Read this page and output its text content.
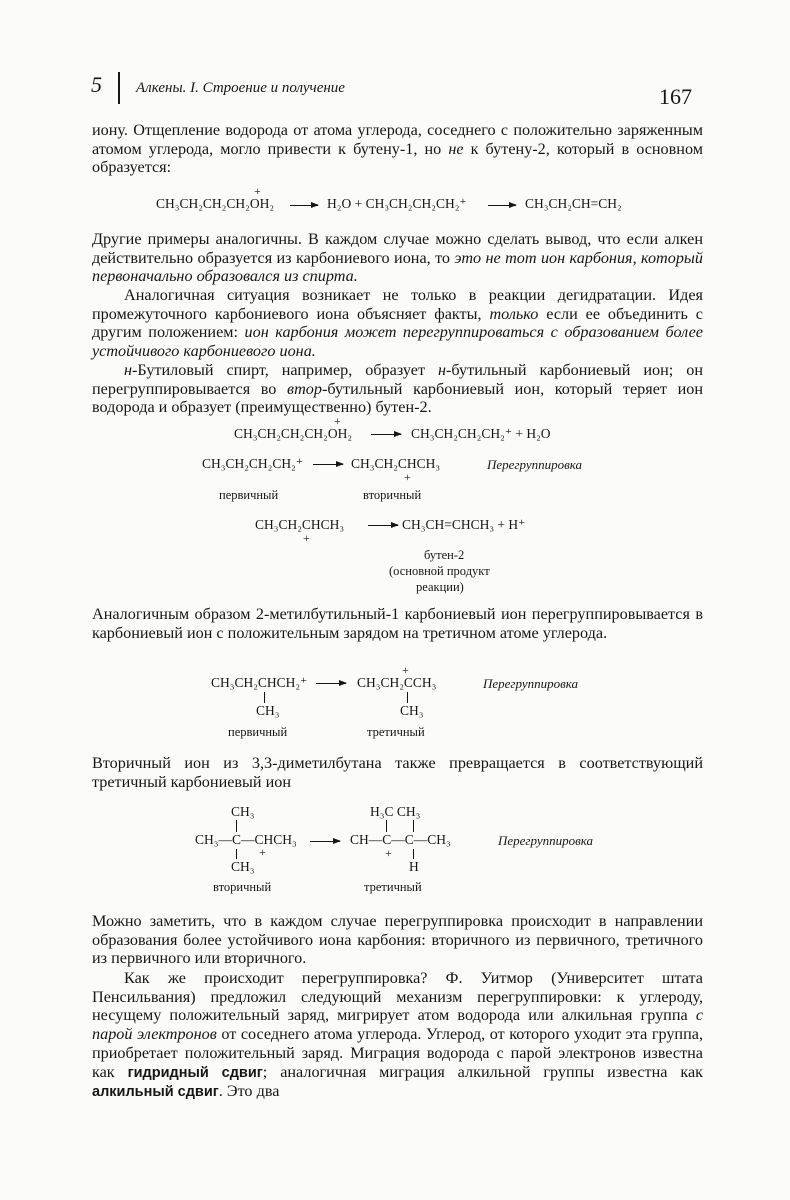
5 Алкены. I. Строение и получение	167

иону. Отщепление водорода от атома углерода, соседнего с положительно заряженным атомом углерода, могло привести к бутену-1, но не к бутену-2, который в основном образуется:

+
CH₃CH₂CH₂CH₂OH₂ → H₂O + CH₃CH₂CH₂CH₂⁺ → CH₃CH₂CH=CH₂

Другие примеры аналогичны. В каждом случае можно сделать вывод, что если алкен действительно образуется из карбониевого иона, то это не тот ион карбония, который первоначально образовался из спирта.

Аналогичная ситуация возникает не только в реакции дегидратации. Идея промежуточного карбониевого иона объясняет факты, только если ее объединить с другим положением: ион карбония может перегруппироваться с образованием более устойчивого карбониевого иона.

н-Бутиловый спирт, например, образует н-бутильный карбониевый ион; он перегруппировывается во втор-бутильный карбониевый ион, который теряет ион водорода и образует (преимущественно) бутен-2.

+
CH₃CH₂CH₂CH₂OH₂ → CH₃CH₂CH₂CH₂⁺ + H₂O
CH₃CH₂CH₂CH₂⁺ → CH₃CH₂CHCH₃
+
Перегруппировка
первичный	вторичный
CH₃CH₂CHCH₃
+
→ CH₃CH=CHCH₃ + H⁺
бутен-2
(основной продукт
реакции)

Аналогичным образом 2-метилбутильный-1 карбониевый ион перегруппировывается в карбониевый ион с положительным зарядом на третичном атоме углерода.

CH₃CH₂CHCH₂⁺
CH₃
+
CH₃CH₂CCH₃
CH₃
Перегруппировка
первичный	третичный

Вторичный ион из 3,3-диметилбутана также превращается в соответствующий третичный карбониевый ион

CH₃
CH₃—C—CHCH₃
+
CH₃
H₃C CH₃
CH—C—C—CH₃
+
H
Перегруппировка
вторичный	третичный

Можно заметить, что в каждом случае перегруппировка происходит в направлении образования более устойчивого иона карбония: вторичного из первичного, третичного из первичного или вторичного.

Как же происходит перегруппировка? Ф. Уитмор (Университет штата Пенсильвания) предложил следующий механизм перегруппировки: к углероду, несущему положительный заряд, мигрирует атом водорода или алкильная группа с парой электронов от соседнего атома углерода. Углерод, от которого уходит эта группа, приобретает положительный заряд. Миграция водорода с парой электронов известна как гидридный сдвиг; аналогичная миграция алкильной группы известна как алкильный сдвиг. Это два
